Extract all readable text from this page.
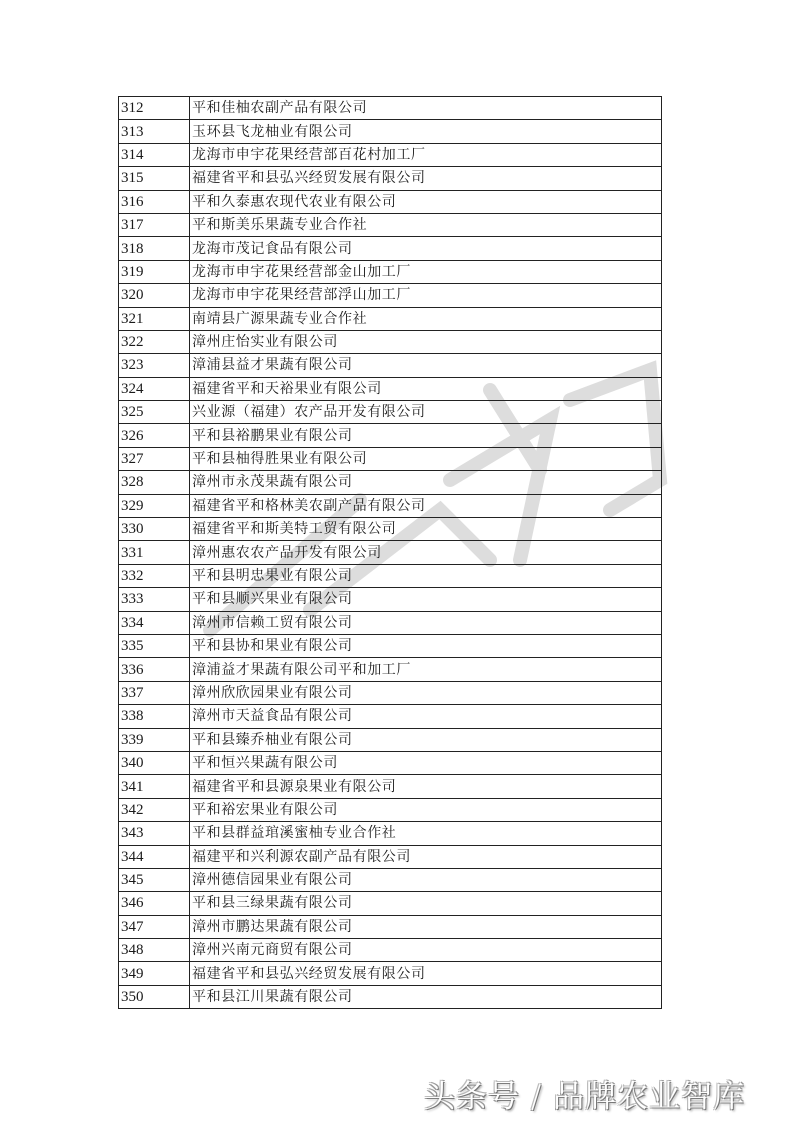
312	平和佳柚农副产品有限公司
313	玉环县飞龙柚业有限公司
314	龙海市申宇花果经营部百花村加工厂
315	福建省平和县弘兴经贸发展有限公司
316	平和久泰惠农现代农业有限公司
317	平和斯美乐果蔬专业合作社
318	龙海市茂记食品有限公司
319	龙海市申宇花果经营部金山加工厂
320	龙海市申宇花果经营部浮山加工厂
321	南靖县广源果蔬专业合作社
322	漳州庄怡实业有限公司
323	漳浦县益才果蔬有限公司
324	福建省平和天裕果业有限公司
325	兴业源（福建）农产品开发有限公司
326	平和县裕鹏果业有限公司
327	平和县柚得胜果业有限公司
328	漳州市永茂果蔬有限公司
329	福建省平和格林美农副产品有限公司
330	福建省平和斯美特工贸有限公司
331	漳州惠农农产品开发有限公司
332	平和县明忠果业有限公司
333	平和县顺兴果业有限公司
334	漳州市信赖工贸有限公司
335	平和县协和果业有限公司
336	漳浦益才果蔬有限公司平和加工厂
337	漳州欣欣园果业有限公司
338	漳州市天益食品有限公司
339	平和县臻乔柚业有限公司
340	平和恒兴果蔬有限公司
341	福建省平和县源泉果业有限公司
342	平和裕宏果业有限公司
343	平和县群益琯溪蜜柚专业合作社
344	福建平和兴利源农副产品有限公司
345	漳州德信园果业有限公司
346	平和县三绿果蔬有限公司
347	漳州市鹏达果蔬有限公司
348	漳州兴南元商贸有限公司
349	福建省平和县弘兴经贸发展有限公司
350	平和县江川果蔬有限公司
头条号 / 品牌农业智库
